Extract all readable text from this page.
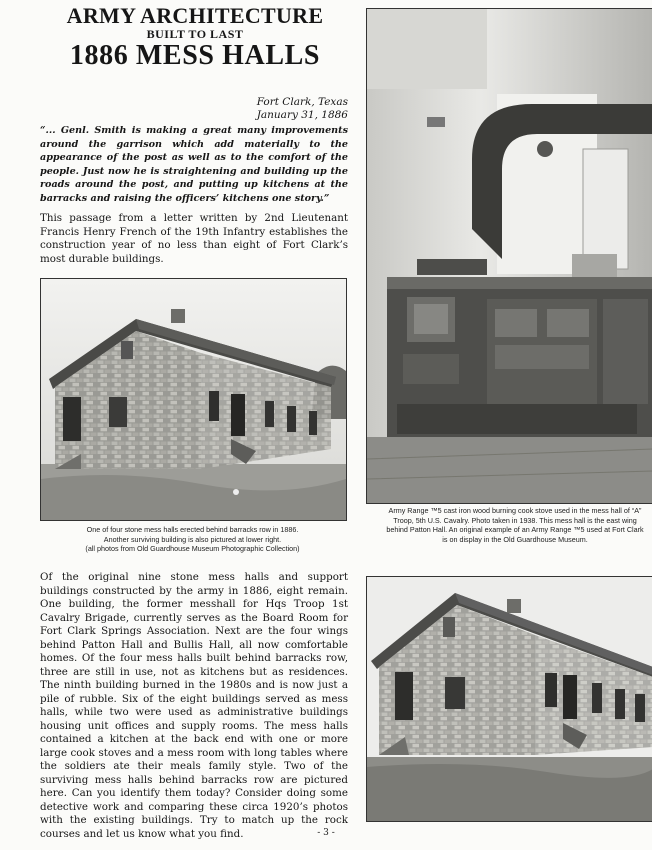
ARMY ARCHITECTURE
BUILT TO LAST
1886 MESS HALLS
Fort Clark, Texas
January 31, 1886
“... Genl. Smith is making a great many improvements around the garrison which add materially to the appearance of the post as well as to the comfort of the people. Just now he is straightening and building up the roads around the post, and putting up kitchens at the barracks and raising the officers’ kitchens one story.”
This passage from a letter written by 2nd Lieutenant Francis Henry French of the 19th Infantry establishes the construction year of no less than eight of Fort Clark’s most durable buildings.
One of four stone mess halls erected behind barracks row in 1886.
Another surviving building is also pictured at lower right.
(all photos from Old Guardhouse Museum Photographic Collection)
Army Range ™5 cast iron wood burning cook stove used in the mess hall of “A” Troop, 5th U.S. Cavalry. Photo taken in 1938. This mess hall is the east wing behind Patton Hall. An original example of an Army Range ™5 used at Fort Clark is on display in the Old Guardhouse Museum.
Of the original nine stone mess halls and support buildings constructed by the army in 1886, eight remain. One building, the former messhall for Hqs Troop 1st Cavalry Brigade, currently serves as the Board Room for Fort Clark Springs Association. Next are the four wings behind Patton Hall and Bullis Hall, all now comfortable homes. Of the four mess halls built behind barracks row, three are still in use, not as kitchens but as residences. The ninth building burned in the 1980s and is now just a pile of rubble. Six of the eight buildings served as mess halls, while two were used as administrative buildings housing unit offices and supply rooms. The mess halls contained a kitchen at the back end with one or more large cook stoves and a mess room with long tables where the soldiers ate their meals family style. Two of the surviving mess halls behind barracks row are pictured here. Can you identify them today? Consider doing some detective work and comparing these circa 1920’s photos with the existing buildings. Try to match up the rock courses and let us know what you find.	- 3 -
